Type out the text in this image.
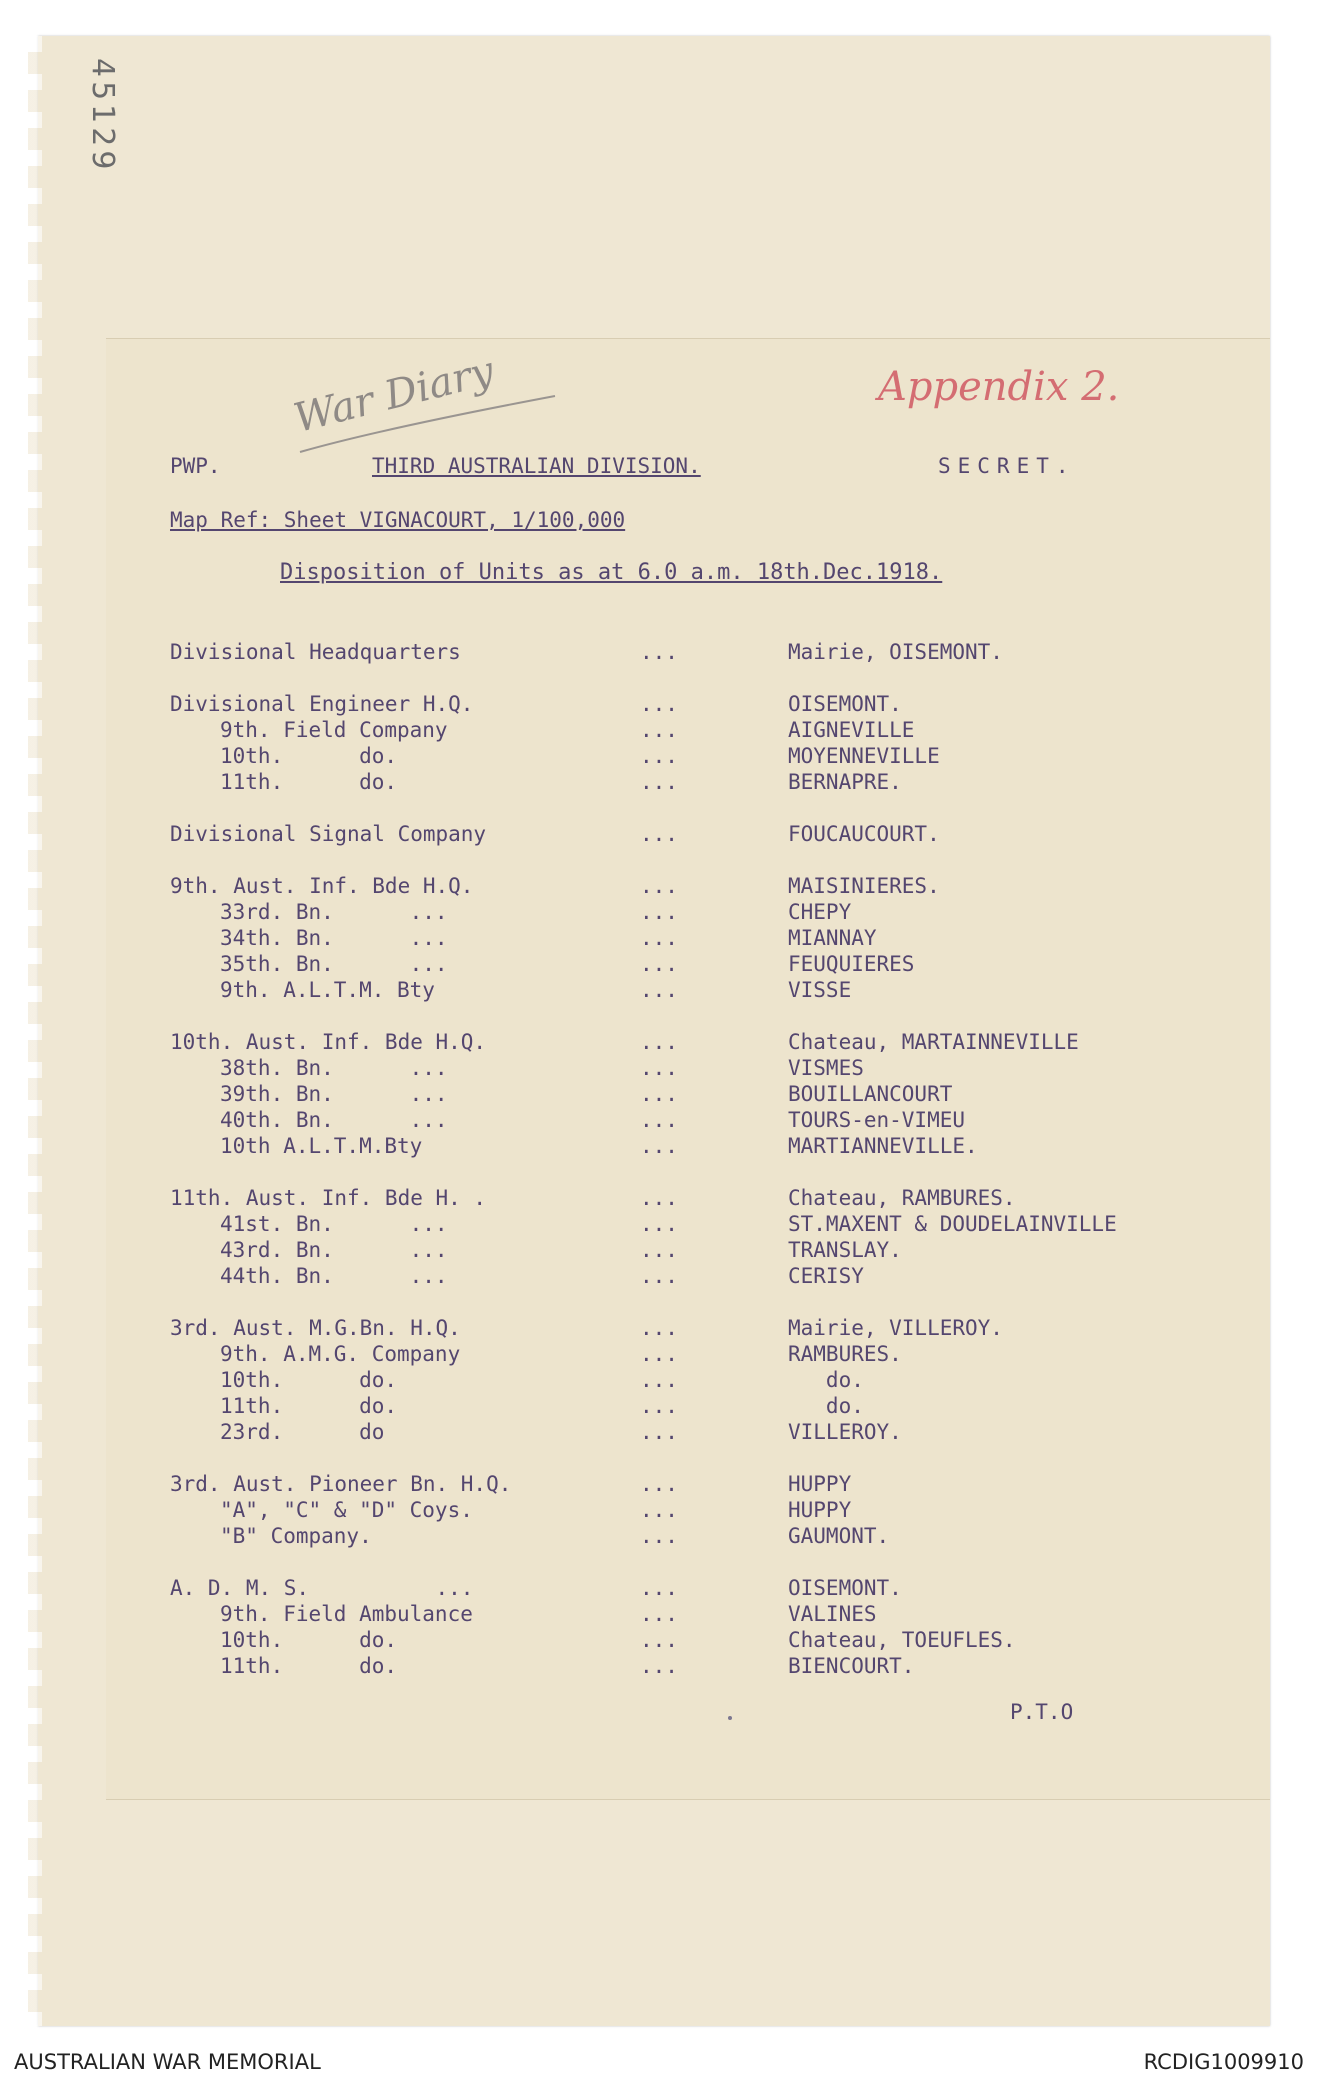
45129
War Diary	Appendix 2.
PWP.	THIRD AUSTRALIAN DIVISION.	SECRET.
Map Ref: Sheet VIGNACOURT, 1/100,000
Disposition of Units as at 6.0 a.m. 18th.Dec.1918.
Divisional Headquarters	...	Mairie, OISEMONT.
Divisional Engineer H.Q.	...	OISEMONT.
9th. Field Company	...	AIGNEVILLE
10th.      do.	...	MOYENNEVILLE
11th.      do.	...	BERNAPRE.
Divisional Signal Company	...	FOUCAUCOURT.
9th. Aust. Inf. Bde H.Q.	...	MAISINIERES.
33rd. Bn.      ...	...	CHEPY
34th. Bn.      ...	...	MIANNAY
35th. Bn.      ...	...	FEUQUIERES
9th. A.L.T.M. Bty	...	VISSE
10th. Aust. Inf. Bde H.Q.	...	Chateau, MARTAINNEVILLE
38th. Bn.      ...	...	VISMES
39th. Bn.      ...	...	BOUILLANCOURT
40th. Bn.      ...	...	TOURS-en-VIMEU
10th A.L.T.M.Bty	...	MARTIANNEVILLE.
11th. Aust. Inf. Bde H. .	...	Chateau, RAMBURES.
41st. Bn.      ...	...	ST.MAXENT & DOUDELAINVILLE
43rd. Bn.      ...	...	TRANSLAY.
44th. Bn.      ...	...	CERISY
3rd. Aust. M.G.Bn. H.Q.	...	Mairie, VILLEROY.
9th. A.M.G. Company	...	RAMBURES.
10th.      do.	...	do.
11th.      do.	...	do.
23rd.      do	...	VILLEROY.
3rd. Aust. Pioneer Bn. H.Q.	...	HUPPY
"A", "C" & "D" Coys.	...	HUPPY
"B" Company.	...	GAUMONT.
A. D. M. S.          ...	...	OISEMONT.
9th. Field Ambulance	...	VALINES
10th.      do.	...	Chateau, TOEUFLES.
11th.      do.	...	BIENCOURT.
P.T.O
AUSTRALIAN WAR MEMORIAL	RCDIG1009910
